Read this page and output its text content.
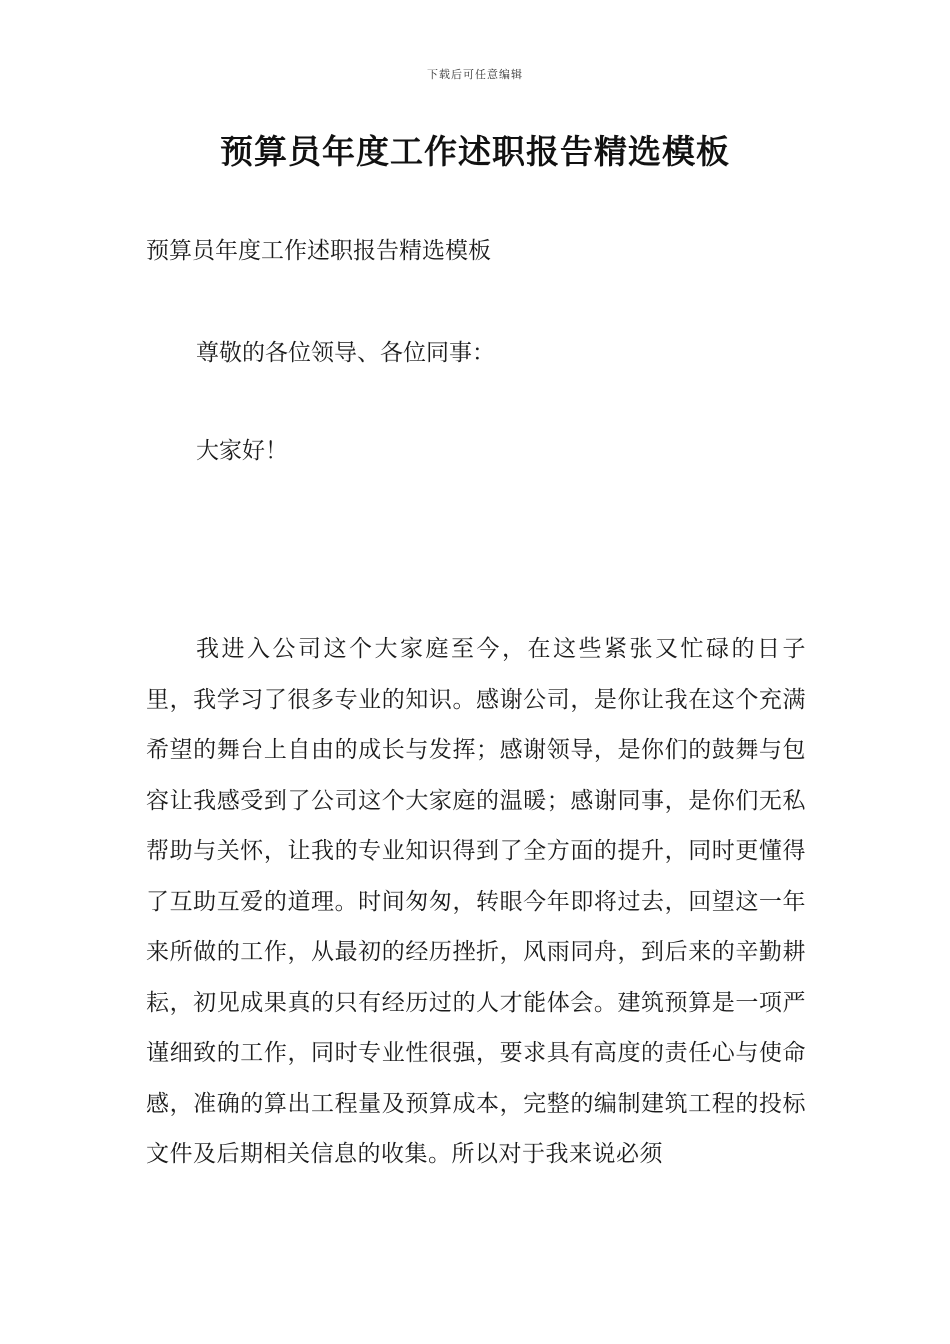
下载后可任意编辑
预算员年度工作述职报告精选模板
预算员年度工作述职报告精选模板
尊敬的各位领导、各位同事：
大家好！

我进入公司这个大家庭至今，在这些紧张又忙碌的日子里，我学习了很多专业的知识。感谢公司，是你让我在这个充满希望的舞台上自由的成长与发挥；感谢领导，是你们的鼓舞与包容让我感受到了公司这个大家庭的温暖；感谢同事，是你们无私帮助与关怀，让我的专业知识得到了全方面的提升，同时更懂得了互助互爱的道理。时间匆匆，转眼今年即将过去，回望这一年来所做的工作，从最初的经历挫折，风雨同舟，到后来的辛勤耕耘，初见成果真的只有经历过的人才能体会。建筑预算是一项严谨细致的工作，同时专业性很强，要求具有高度的责任心与使命感，准确的算出工程量及预算成本，完整的编制建筑工程的投标文件及后期相关信息的收集。所以对于我来说必须
